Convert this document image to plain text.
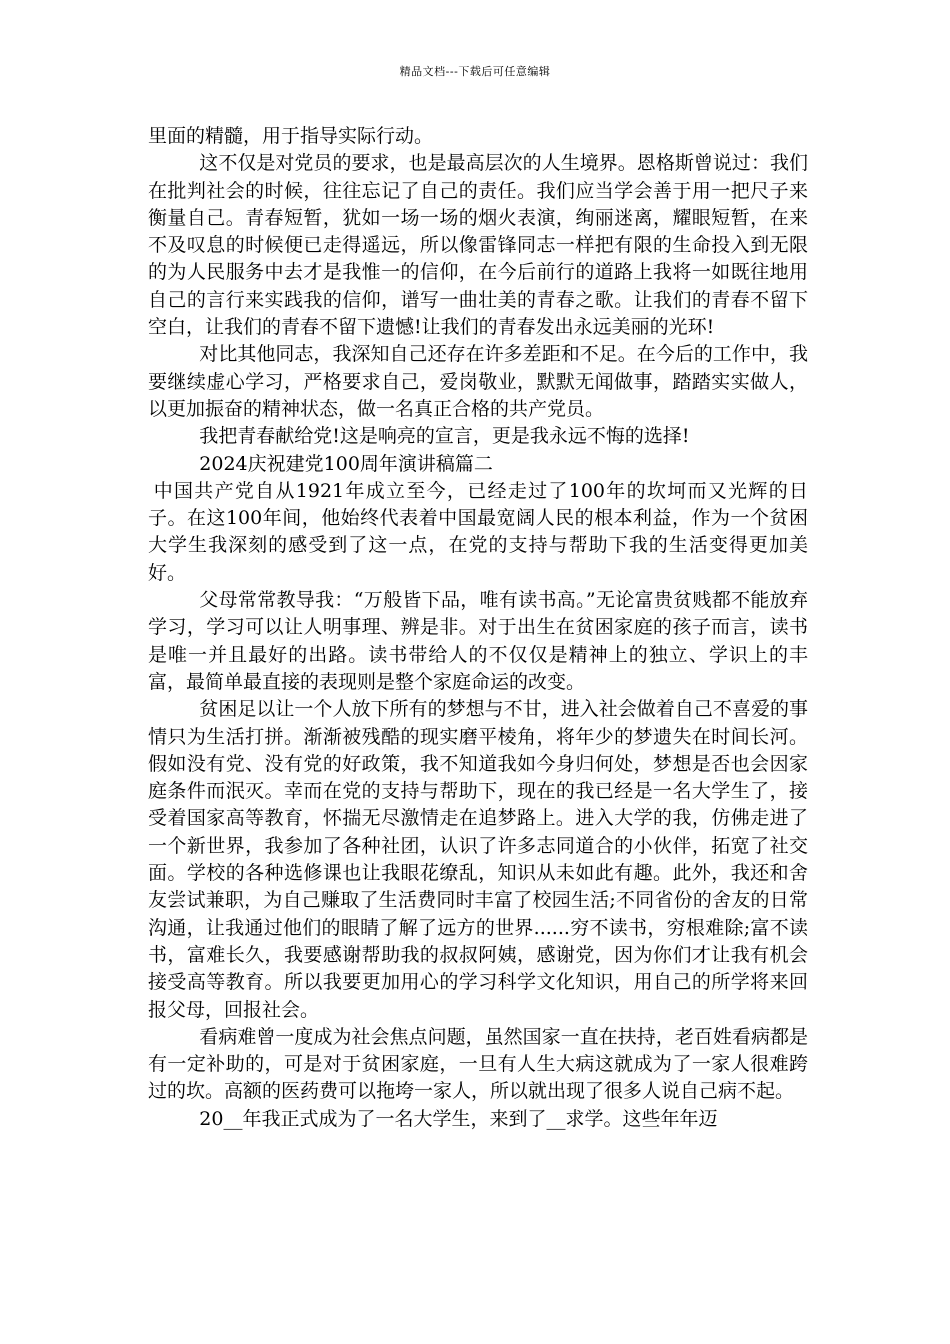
精品文档---下载后可任意编辑

里面的精髓，用于指导实际行动。

这不仅是对党员的要求，也是最高层次的人生境界。恩格斯曾说过：我们在批判社会的时候，往往忘记了自己的责任。我们应当学会善于用一把尺子来衡量自己。青春短暂，犹如一场一场的烟火表演，绚丽迷离，耀眼短暂，在来不及叹息的时候便已走得遥远，所以像雷锋同志一样把有限的生命投入到无限的为人民服务中去才是我惟一的信仰，在今后前行的道路上我将一如既往地用自己的言行来实践我的信仰，谱写一曲壮美的青春之歌。让我们的青春不留下空白，让我们的青春不留下遗憾!让我们的青春发出永远美丽的光环!

对比其他同志，我深知自己还存在许多差距和不足。在今后的工作中，我要继续虚心学习，严格要求自己，爱岗敬业，默默无闻做事，踏踏实实做人，以更加振奋的精神状态，做一名真正合格的共产党员。

我把青春献给党!这是响亮的宣言，更是我永远不悔的选择!

2024庆祝建党100周年演讲稿篇二

中国共产党自从1921年成立至今，已经走过了100年的坎坷而又光辉的日子。在这100年间，他始终代表着中国最宽阔人民的根本利益，作为一个贫困大学生我深刻的感受到了这一点，在党的支持与帮助下我的生活变得更加美好。

父母常常教导我：“万般皆下品，唯有读书高。”无论富贵贫贱都不能放弃学习，学习可以让人明事理、辨是非。对于出生在贫困家庭的孩子而言，读书是唯一并且最好的出路。读书带给人的不仅仅是精神上的独立、学识上的丰富，最简单最直接的表现则是整个家庭命运的改变。

贫困足以让一个人放下所有的梦想与不甘，进入社会做着自己不喜爱的事情只为生活打拼。渐渐被残酷的现实磨平棱角，将年少的梦遗失在时间长河。假如没有党、没有党的好政策，我不知道我如今身归何处，梦想是否也会因家庭条件而泯灭。幸而在党的支持与帮助下，现在的我已经是一名大学生了，接受着国家高等教育，怀揣无尽激情走在追梦路上。进入大学的我，仿佛走进了一个新世界，我参加了各种社团，认识了许多志同道合的小伙伴，拓宽了社交面。学校的各种选修课也让我眼花缭乱，知识从未如此有趣。此外，我还和舍友尝试兼职，为自己赚取了生活费同时丰富了校园生活;不同省份的舍友的日常沟通，让我通过他们的眼睛了解了远方的世界......穷不读书，穷根难除;富不读书，富难长久，我要感谢帮助我的叔叔阿姨，感谢党，因为你们才让我有机会接受高等教育。所以我要更加用心的学习科学文化知识，用自己的所学将来回报父母，回报社会。

看病难曾一度成为社会焦点问题，虽然国家一直在扶持，老百姓看病都是有一定补助的，可是对于贫困家庭，一旦有人生大病这就成为了一家人很难跨过的坎。高额的医药费可以拖垮一家人，所以就出现了很多人说自己病不起。

20__年我正式成为了一名大学生，来到了__求学。这些年年迈
